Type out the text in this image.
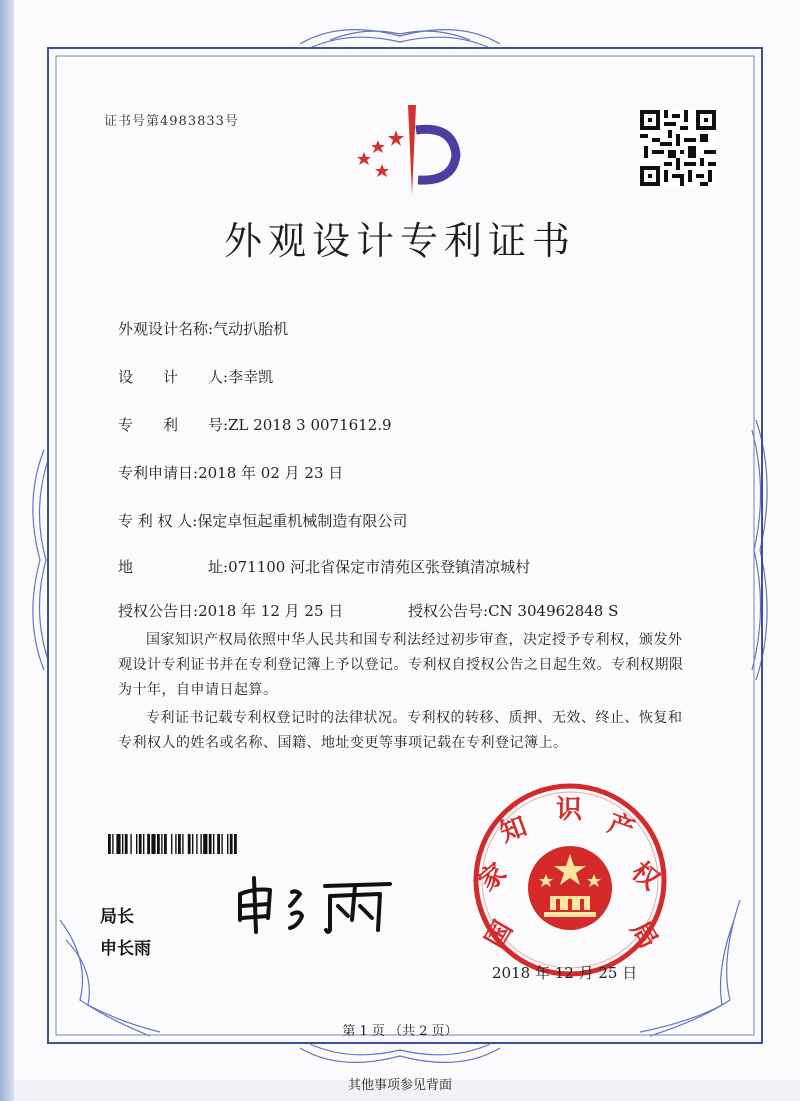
证书号第4983833号
外观设计专利证书
外观设计名称:气动扒胎机
设　　计　　人:李幸凯
专　　利　　号:ZL 2018 3 0071612.9
专利申请日:2018 年 02 月 23 日
专 利 权 人:保定卓恒起重机械制造有限公司
地　　　　　址:071100 河北省保定市清苑区张登镇清凉城村
授权公告日:2018 年 12 月 25 日	授权公告号:CN 304962848 S
国家知识产权局依照中华人民共和国专利法经过初步审查，决定授予专利权，颁发外观设计专利证书并在专利登记簿上予以登记。专利权自授权公告之日起生效。专利权期限为十年，自申请日起算。
专利证书记载专利权登记时的法律状况。专利权的转移、质押、无效、终止、恢复和专利权人的姓名或名称、国籍、地址变更等事项记载在专利登记簿上。
局长
申长雨	国
家
知
识 产
权
局
2018 年 12 月 25 日
第 1 页 （共 2 页）
其他事项参见背面
